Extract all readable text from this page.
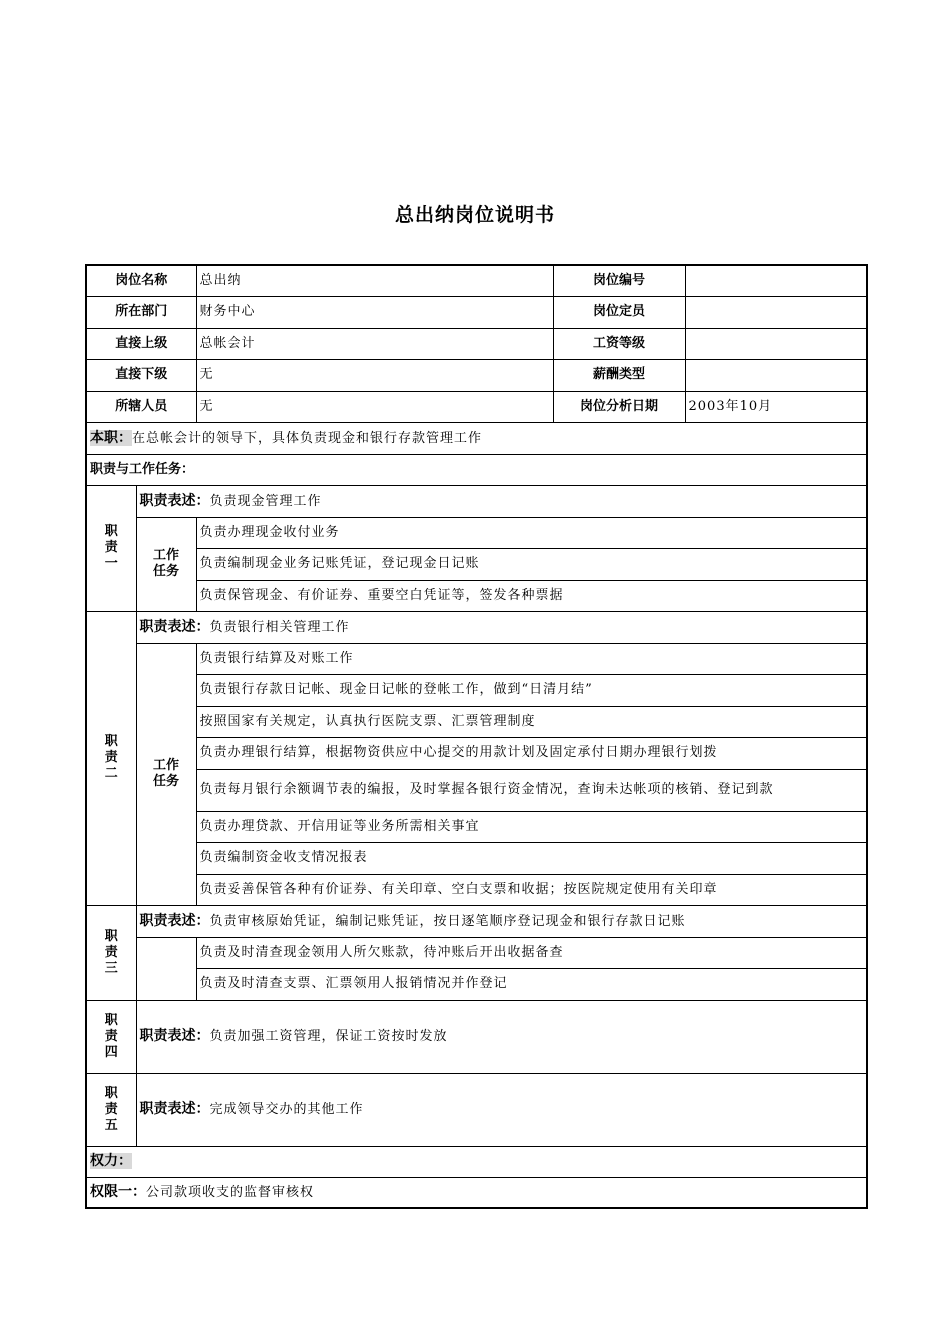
总出纳岗位说明书
岗位名称		总出纳	岗位编号	
所在部门		财务中心	岗位定员	
直接上级		总帐会计	工资等级	
直接下级		无	薪酬类型	
所辖人员		无	岗位分析日期	2003年10月
本职：在总帐会计的领导下，具体负责现金和银行存款管理工作				
职责与工作任务：				
职
责
一	职责表述：负责现金管理工作			
	工作
任务	负责办理现金收付业务		
		负责编制现金业务记账凭证，登记现金日记账		
		负责保管现金、有价证券、重要空白凭证等，签发各种票据		
职
责
二	职责表述：负责银行相关管理工作			
	工作
任务	负责银行结算及对账工作		
		负责银行存款日记帐、现金日记帐的登帐工作，做到“日清月结”		
		按照国家有关规定，认真执行医院支票、汇票管理制度		
		负责办理银行结算，根据物资供应中心提交的用款计划及固定承付日期办理银行划拨		
		负责每月银行余额调节表的编报，及时掌握各银行资金情况，查询未达帐项的核销、登记到款		
		负责办理贷款、开信用证等业务所需相关事宜		
		负责编制资金收支情况报表		
		负责妥善保管各种有价证券、有关印章、空白支票和收据；按医院规定使用有关印章		
职
责
三	职责表述：负责审核原始凭证，编制记账凭证，按日逐笔顺序登记现金和银行存款日记账			
		负责及时清查现金领用人所欠账款，待冲账后开出收据备查		
		负责及时清查支票、汇票领用人报销情况并作登记		
职
责
四	职责表述：负责加强工资管理，保证工资按时发放			
职
责
五	职责表述：完成领导交办的其他工作			
权力：				
权限一：公司款项收支的监督审核权				
